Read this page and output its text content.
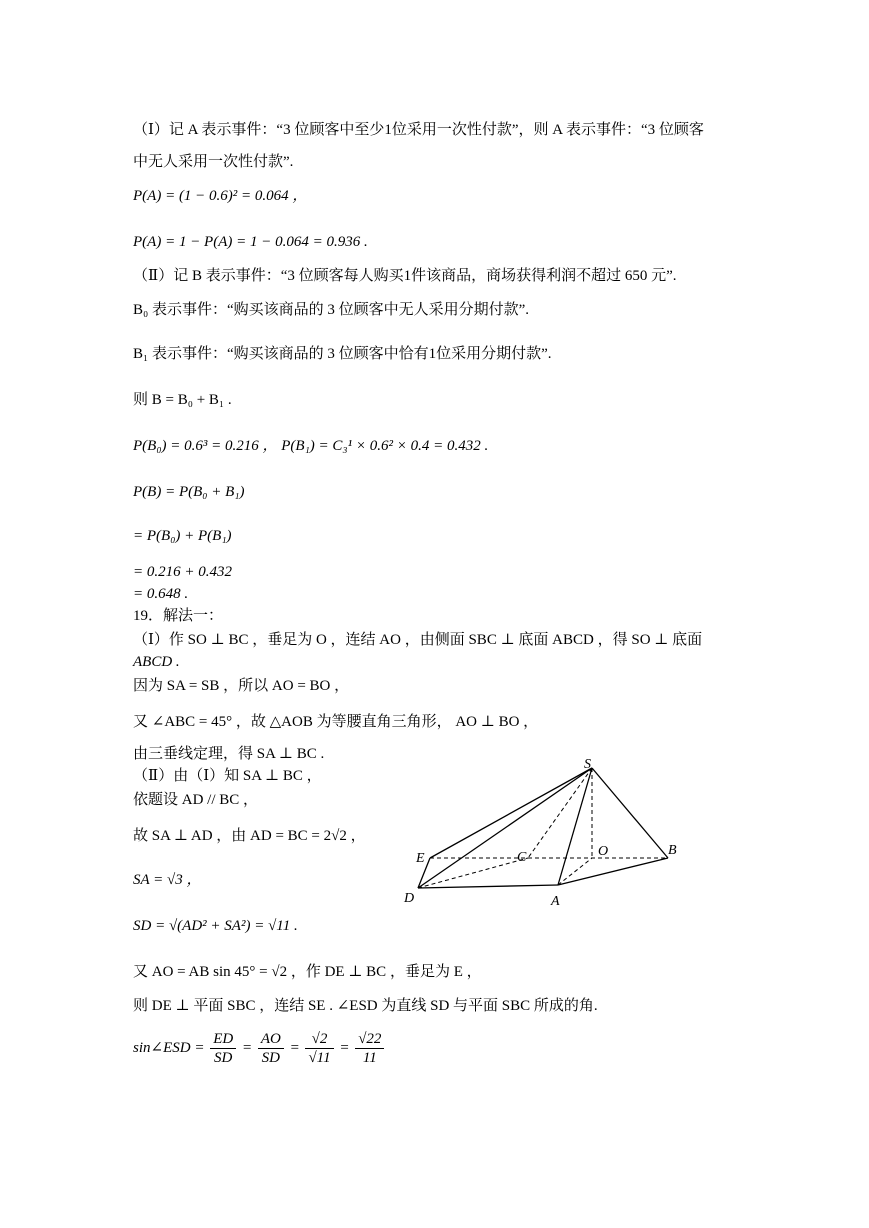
（Ⅰ）记 A 表示事件：“3 位顾客中至少1位采用一次性付款”，则 A 表示事件：“3 位顾客
中无人采用一次性付款”.
P(A) = (1 − 0.6)² = 0.064 ，
P(A) = 1 − P(A) = 1 − 0.064 = 0.936 .
（Ⅱ）记 B 表示事件：“3 位顾客每人购买1件该商品，商场获得利润不超过 650 元”.
B₀ 表示事件：“购买该商品的 3 位顾客中无人采用分期付款”.
B₁ 表示事件：“购买该商品的 3 位顾客中恰有1位采用分期付款”.
则 B = B₀ + B₁ .
P(B₀) = 0.6³ = 0.216 ， P(B₁) = C₃¹ × 0.6² × 0.4 = 0.432 .
P(B) = P(B₀ + B₁)
= P(B₀) + P(B₁)
= 0.216 + 0.432
= 0.648 .
19．解法一：
（Ⅰ）作 SO ⊥ BC ，垂足为 O ，连结 AO ，由侧面 SBC ⊥ 底面 ABCD ，得 SO ⊥ 底面
ABCD .
因为 SA = SB ，所以 AO = BO ，
又 ∠ABC = 45° ，故 △AOB 为等腰直角三角形， AO ⊥ BO ，
由三垂线定理，得 SA ⊥ BC .
（Ⅱ）由（Ⅰ）知 SA ⊥ BC ，
依题设 AD // BC ，
故 SA ⊥ AD ，由 AD = BC = 2√2 ，
SA = √3 ，
SD = √(AD² + SA²) = √11 .
又 AO = AB sin 45° = √2 ，作 DE ⊥ BC ，垂足为 E ，
则 DE ⊥ 平面 SBC ，连结 SE . ∠ESD 为直线 SD 与平面 SBC 所成的角.
sin∠ESD = $\frac{ED}{SD} = \frac{AO}{SD} = \frac{√2}{√11} = \frac{√22}{11}$
S
E	C	O	B
D	A
